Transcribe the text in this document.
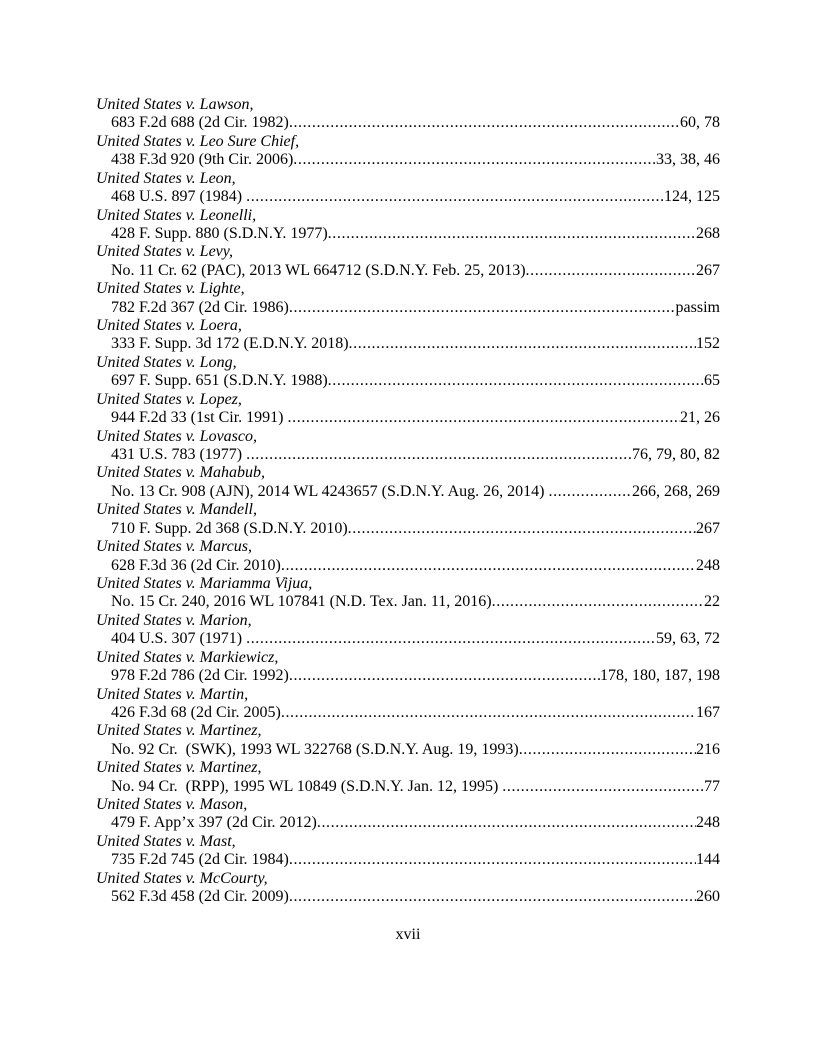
United States v. Lawson,
683 F.2d 688 (2d Cir. 1982) .....	60, 78
United States v. Leo Sure Chief,
438 F.3d 920 (9th Cir. 2006) .....	33, 38, 46
United States v. Leon,
468 U.S. 897 (1984) .....	124, 125
United States v. Leonelli,
428 F. Supp. 880 (S.D.N.Y. 1977) .....	268
United States v. Levy,
No. 11 Cr. 62 (PAC), 2013 WL 664712 (S.D.N.Y. Feb. 25, 2013) .....	267
United States v. Lighte,
782 F.2d 367 (2d Cir. 1986) .....	passim
United States v. Loera,
333 F. Supp. 3d 172 (E.D.N.Y. 2018) .....	152
United States v. Long,
697 F. Supp. 651 (S.D.N.Y. 1988) .....	65
United States v. Lopez,
944 F.2d 33 (1st Cir. 1991) .....	21, 26
United States v. Lovasco,
431 U.S. 783 (1977) .....	76, 79, 80, 82
United States v. Mahabub,
No. 13 Cr. 908 (AJN), 2014 WL 4243657 (S.D.N.Y. Aug. 26, 2014) .....	266, 268, 269
United States v. Mandell,
710 F. Supp. 2d 368 (S.D.N.Y. 2010) .....	267
United States v. Marcus,
628 F.3d 36 (2d Cir. 2010) .....	248
United States v. Mariamma Vijua,
No. 15 Cr. 240, 2016 WL 107841 (N.D. Tex. Jan. 11, 2016) .....	22
United States v. Marion,
404 U.S. 307 (1971) .....	59, 63, 72
United States v. Markiewicz,
978 F.2d 786 (2d Cir. 1992) .....	178, 180, 187, 198
United States v. Martin,
426 F.3d 68 (2d Cir. 2005) .....	167
United States v. Martinez,
No. 92 Cr.  (SWK), 1993 WL 322768 (S.D.N.Y. Aug. 19, 1993) .....	216
United States v. Martinez,
No. 94 Cr.  (RPP), 1995 WL 10849 (S.D.N.Y. Jan. 12, 1995) .....	77
United States v. Mason,
479 F. App’x 397 (2d Cir. 2012) .....	248
United States v. Mast,
735 F.2d 745 (2d Cir. 1984) .....	144
United States v. McCourty,
562 F.3d 458 (2d Cir. 2009) .....	260
xvii
